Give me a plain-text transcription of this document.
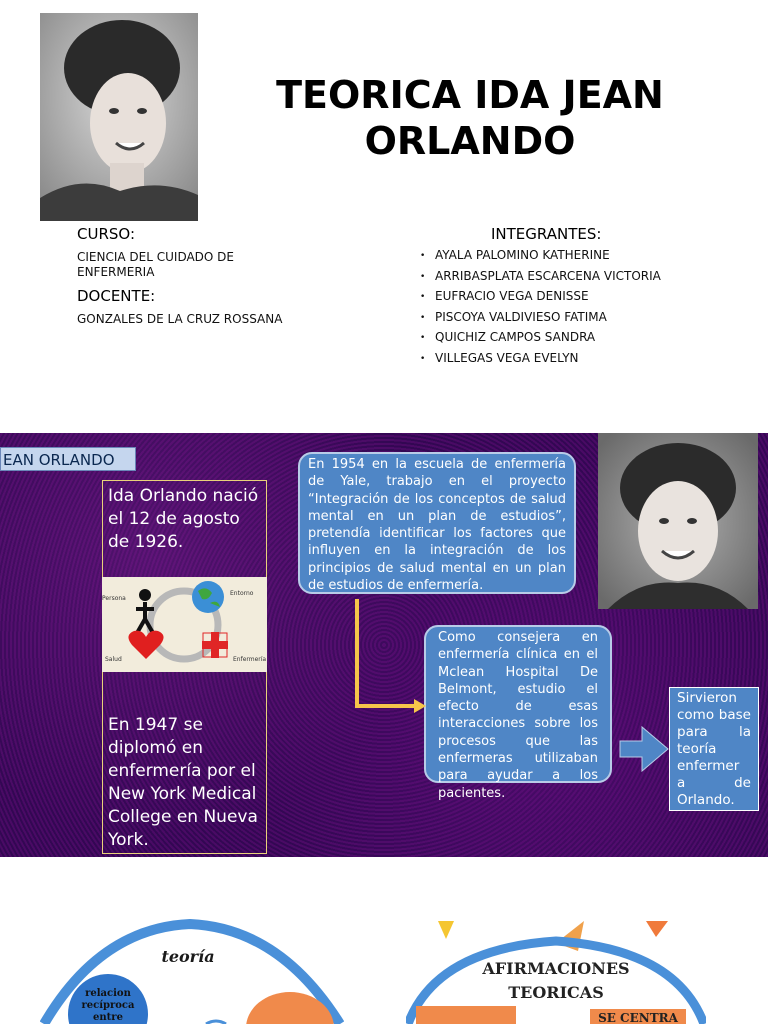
TEORICA IDA JEAN
ORLANDO
CURSO:
CIENCIA DEL CUIDADO DE
ENFERMERIA
DOCENTE:
GONZALES DE LA CRUZ ROSSANA
INTEGRANTES:
• AYALA PALOMINO KATHERINE
• ARRIBASPLATA ESCARCENA VICTORIA
• EUFRACIO VEGA DENISSE
• PISCOYA VALDIVIESO FATIMA
• QUICHIZ CAMPOS SANDRA
• VILLEGAS VEGA EVELYN
EAN ORLANDO
Ida Orlando nació el 12 de agosto de 1926.
Persona
Entorno
Salud	Enfermería
En 1947 se diplomó en enfermería por el New York Medical College en Nueva York.
En 1954 en la escuela de enfermería de Yale, trabajo en el proyecto “Integración de los conceptos de salud mental en un plan de estudios”, pretendía identificar los factores que influyen en la integración de los principios de salud mental en un plan de estudios de enfermería.
Como consejera en enfermería clínica en el Mclean Hospital De Belmont, estudio el efecto de esas interacciones sobre los procesos que las enfermeras utilizaban para ayudar a los pacientes.
Sirvieron como base para la teoría enfermer a de Orlando.
teoría
relacion recíproca entre
AFIRMACIONES
TEORICAS
SE CENTRA
